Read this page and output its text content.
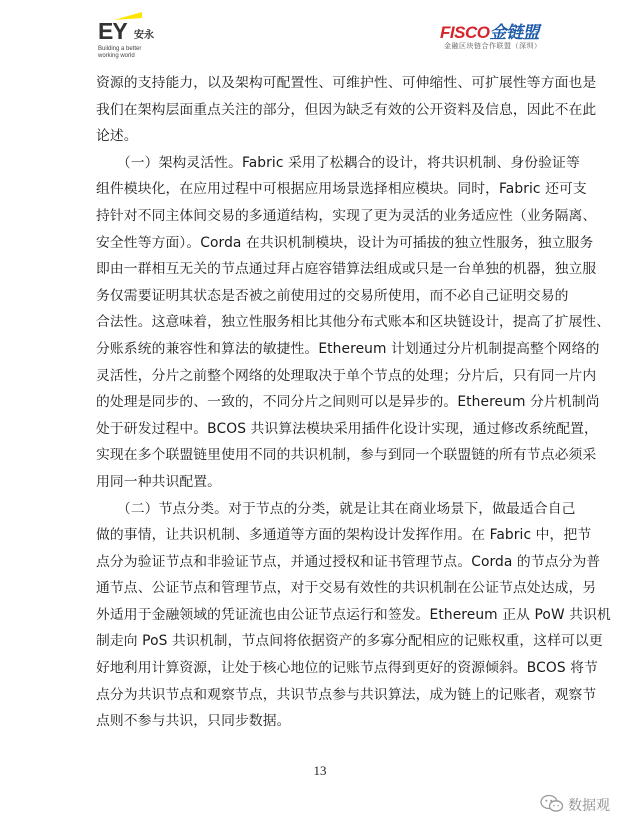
EY 安永
Building a better
working world
FISCO金链盟
金融区块链合作联盟（深圳）
资源的支持能力，以及架构可配置性、可维护性、可伸缩性、可扩展性等方面也是
我们在架构层面重点关注的部分，但因为缺乏有效的公开资料及信息，因此不在此
论述。
　　（一）架构灵活性。Fabric 采用了松耦合的设计，将共识机制、身份验证等
组件模块化，在应用过程中可根据应用场景选择相应模块。同时，Fabric 还可支
持针对不同主体间交易的多通道结构，实现了更为灵活的业务适应性（业务隔离、
安全性等方面）。Corda 在共识机制模块，设计为可插拔的独立性服务，独立服务
即由一群相互无关的节点通过拜占庭容错算法组成或只是一台单独的机器，独立服
务仅需要证明其状态是否被之前使用过的交易所使用，而不必自己证明交易的
合法性。这意味着，独立性服务相比其他分布式账本和区块链设计，提高了扩展性、
分账系统的兼容性和算法的敏捷性。Ethereum 计划通过分片机制提高整个网络的
灵活性，分片之前整个网络的处理取决于单个节点的处理；分片后，只有同一片内
的处理是同步的、一致的，不同分片之间则可以是异步的。Ethereum 分片机制尚
处于研发过程中。BCOS 共识算法模块采用插件化设计实现，通过修改系统配置，
实现在多个联盟链里使用不同的共识机制，参与到同一个联盟链的所有节点必须采
用同一种共识配置。
　　（二）节点分类。对于节点的分类，就是让其在商业场景下，做最适合自己
做的事情，让共识机制、多通道等方面的架构设计发挥作用。在 Fabric 中，把节
点分为验证节点和非验证节点，并通过授权和证书管理节点。Corda 的节点分为普
通节点、公证节点和管理节点，对于交易有效性的共识机制在公证节点处达成，另
外适用于金融领域的凭证流也由公证节点运行和签发。Ethereum 正从 PoW 共识机
制走向 PoS 共识机制，节点间将依据资产的多寡分配相应的记账权重，这样可以更
好地利用计算资源，让处于核心地位的记账节点得到更好的资源倾斜。BCOS 将节
点分为共识节点和观察节点，共识节点参与共识算法，成为链上的记账者，观察节
点则不参与共识，只同步数据。
13
数据观
